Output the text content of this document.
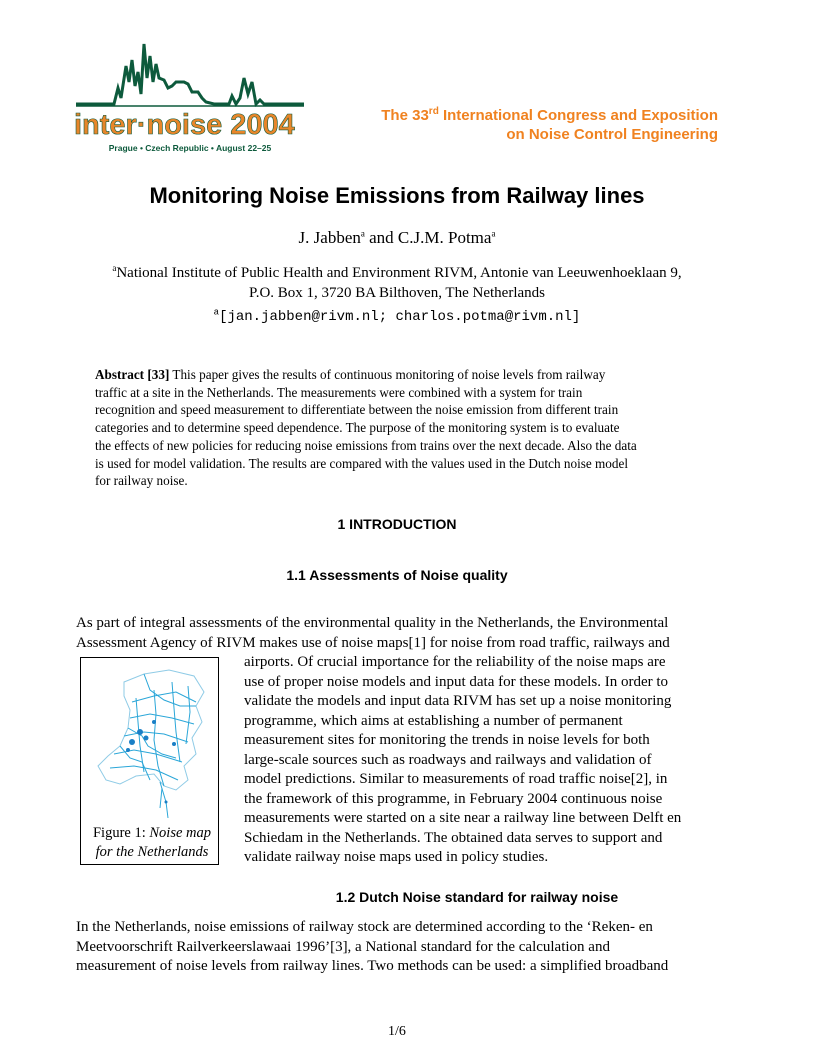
inter·noise 2004
Prague • Czech Republic • August 22–25
The 33rd International Congress and Exposition
on Noise Control Engineering
Monitoring Noise Emissions from Railway lines
J. Jabben$^a$ and C.J.M. Potma$^a$
$^a$National Institute of Public Health and Environment RIVM, Antonie van Leeuwenhoeklaan 9,
P.O. Box 1, 3720 BA Bilthoven, The Netherlands
$^a$[jan.jabben@rivm.nl; charlos.potma@rivm.nl]
Abstract [33] This paper gives the results of continuous monitoring of noise levels from railway
traffic at a site in the Netherlands. The measurements were combined with a system for train
recognition and speed measurement to differentiate between the noise emission from different train
categories and to determine speed dependence. The purpose of the monitoring system is to evaluate
the effects of new policies for reducing noise emissions from trains over the next decade. Also the data
is used for model validation. The results are compared with the values used in the Dutch noise model
for railway noise.
1 INTRODUCTION
1.1 Assessments of Noise quality
As part of integral assessments of the environmental quality in the Netherlands, the Environmental
Assessment Agency of RIVM makes use of noise maps[1] for noise from road traffic, railways and
airports. Of crucial importance for the reliability of the noise maps are
use of proper noise models and input data for these models. In order to
validate the models and input data RIVM has set up a noise monitoring
programme, which aims at establishing a number of permanent
measurement sites for monitoring the trends in noise levels for both
large-scale sources such as roadways and railways and validation of
model predictions. Similar to measurements of road traffic noise[2], in
the framework of this programme, in February 2004 continuous noise
measurements were started on a site near a railway line between Delft en
Schiedam in the Netherlands. The obtained data serves to support and
validate railway noise maps used in policy studies.
Figure 1: Noise map
for the Netherlands
1.2 Dutch Noise standard for railway noise
In the Netherlands, noise emissions of railway stock are determined according to the ‘Reken- en
Meetvoorschrift Railverkeerslawaai 1996’[3], a National standard for the calculation and
measurement of noise levels from railway lines. Two methods can be used: a simplified broadband
1/6
